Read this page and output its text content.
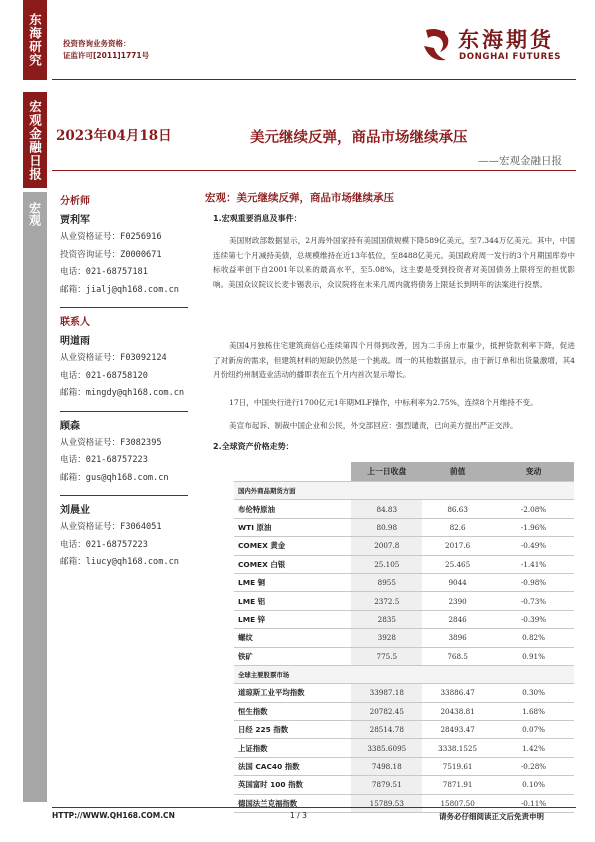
东海研究	投资咨询业务资格：
证监许可[2011]1771号
东海期货
DONGHAI FUTURES
宏观金融日报
宏观
2023年04月18日	美元继续反弹，商品市场继续承压
——宏观金融日报
分析师
贾利军
从业资格证号：F0256916
投资咨询证号：Z0000671
电话：021-68757181
邮箱：jialj@qh168.com.cn
联系人
明道雨
从业资格证号：F03092124
电话：021-68758120
邮箱：mingdy@qh168.com.cn
顾森
从业资格证号：F3082395
电话：021-68757223
邮箱：gus@qh168.com.cn
刘晨业
从业资格证号：F3064051
电话：021-68757223
邮箱：liucy@qh168.com.cn
宏观：美元继续反弹，商品市场继续承压
1.宏观重要消息及事件：

美国财政部数据显示，2月海外国家持有美国国债规模下降589亿美元，至7.344万亿美元。其中，中国连续第七个月减持美债，总规模维持在近13年低位，至8488亿美元。美国政府周一发行的3个月期国库券中标收益率创下自2001年以来的最高水平，至5.08%，这主要是受到投资者对美国债务上限将至的担忧影响。美国众议院议长麦卡锡表示，众议院将在未来几周内就将债务上限延长到明年的法案进行投票。

美国4月独栋住宅建筑商信心连续第四个月得到改善，因为二手房上市量少，抵押贷款利率下降，促进了对新房的需求，但建筑材料的短缺仍然是一个挑战。周一的其他数据显示，由于新订单和出货量激增，其4月份纽约州制造业活动的播即表在五个月内首次显示增长。

17日，中国央行进行1700亿元1年期MLF操作，中标利率为2.75%，连续8个月维持不变。

美宣布起诉、制裁中国企业和公民，外交部回应：强烈谴责，已向美方提出严正交涉。

2.全球资产价格走势：
	上一日收盘	前值	变动
国内外商品期货方面			
布伦特原油	84.83	86.63	-2.08%
WTI 原油	80.98	82.6	-1.96%
COMEX 黄金	2007.8	2017.6	-0.49%
COMEX 白银	25.105	25.465	-1.41%
LME 铜	8955	9044	-0.98%
LME 铝	2372.5	2390	-0.73%
LME 锌	2835	2846	-0.39%
螺纹	3928	3896	0.82%
铁矿	775.5	768.5	0.91%
全球主要股票市场			
道琼斯工业平均指数	33987.18	33886.47	0.30%
恒生指数	20782.45	20438.81	1.68%
日经 225 指数	28514.78	28493.47	0.07%
上证指数	3385.6095	3338.1525	1.42%
法国 CAC40 指数	7498.18	7519.61	-0.28%
英国富时 100 指数	7879.51	7871.91	0.10%
德国法兰克福指数	15789.53	15807.50	-0.11%
HTTP://WWW.QH168.COM.CN	1 / 3	请务必仔细阅读正文后免责申明
